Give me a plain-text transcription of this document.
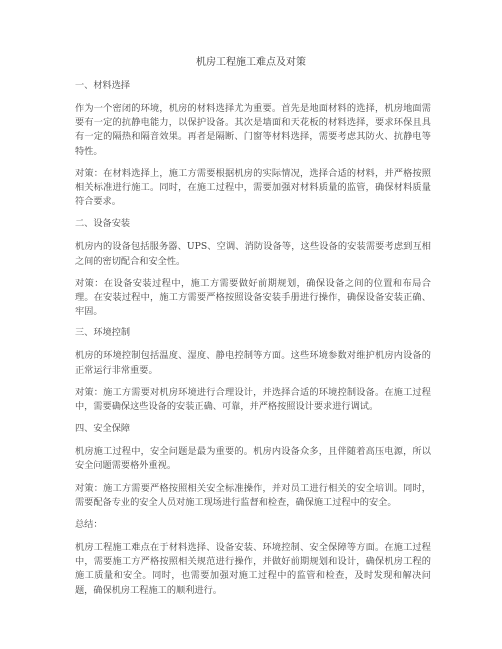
机房工程施工难点及对策
一、材料选择

作为一个密闭的环境，机房的材料选择尤为重要。首先是地面材料的选择，机房地面需要有一定的抗静电能力，以保护设备。其次是墙面和天花板的材料选择，要求环保且具有一定的隔热和隔音效果。再者是隔断、门窗等材料选择，需要考虑其防火、抗静电等特性。

对策：在材料选择上，施工方需要根据机房的实际情况，选择合适的材料，并严格按照相关标准进行施工。同时，在施工过程中，需要加强对材料质量的监管，确保材料质量符合要求。

二、设备安装

机房内的设备包括服务器、UPS、空调、消防设备等，这些设备的安装需要考虑到互相之间的密切配合和安全性。

对策：在设备安装过程中，施工方需要做好前期规划，确保设备之间的位置和布局合理。在安装过程中，施工方需要严格按照设备安装手册进行操作，确保设备安装正确、牢固。

三、环境控制

机房的环境控制包括温度、湿度、静电控制等方面。这些环境参数对维护机房内设备的正常运行非常重要。

对策：施工方需要对机房环境进行合理设计，并选择合适的环境控制设备。在施工过程中，需要确保这些设备的安装正确、可靠，并严格按照设计要求进行调试。

四、安全保障

机房施工过程中，安全问题是最为重要的。机房内设备众多，且伴随着高压电源，所以安全问题需要格外重视。

对策：施工方需要严格按照相关安全标准操作，并对员工进行相关的安全培训。同时，需要配备专业的安全人员对施工现场进行监督和检查，确保施工过程中的安全。

总结：

机房工程施工难点在于材料选择、设备安装、环境控制、安全保障等方面。在施工过程中，需要施工方严格按照相关规范进行操作，并做好前期规划和设计，确保机房工程的施工质量和安全。同时，也需要加强对施工过程中的监管和检查，及时发现和解决问题，确保机房工程施工的顺利进行。
